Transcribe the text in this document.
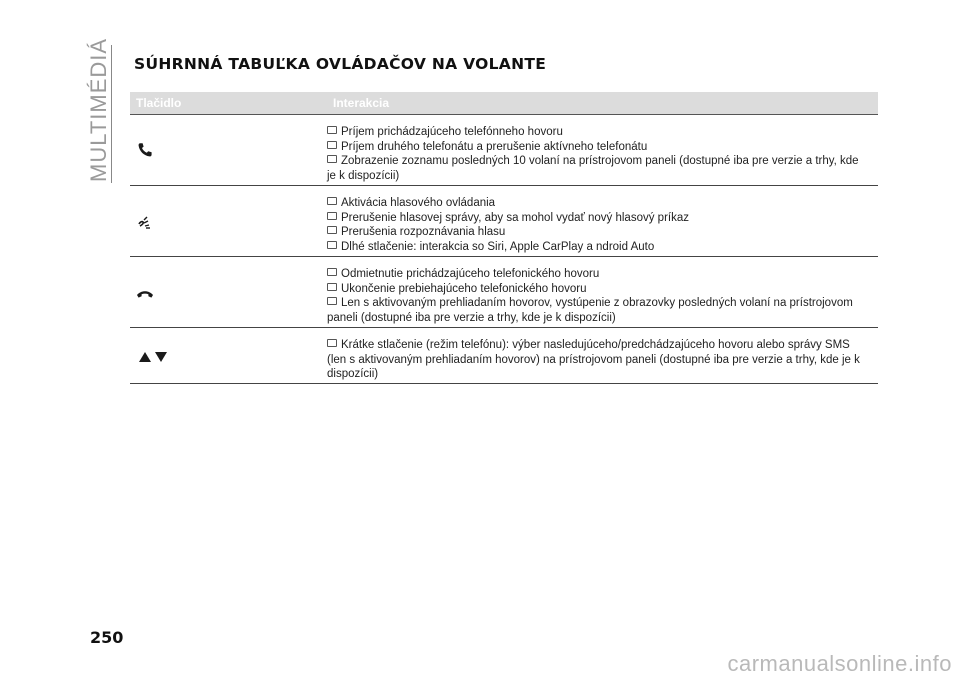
MULTIMÉDIÁ SÚHRNNÁ TABUĽKA OVLÁDAČOV NA VOLANTE
Tlačidlo	Interakcia
Príjem prichádzajúceho telefónneho hovoru
Príjem druhého telefonátu a prerušenie aktívneho telefonátu
Zobrazenie zoznamu posledných 10 volaní na prístrojovom paneli (dostupné iba pre verzie a trhy, kde je k dispozícii)
Aktivácia hlasového ovládania
Prerušenie hlasovej správy, aby sa mohol vydať nový hlasový príkaz
Prerušenia rozpoznávania hlasu
Dlhé stlačenie: interakcia so Siri, Apple CarPlay a ndroid Auto
Odmietnutie prichádzajúceho telefonického hovoru
Ukončenie prebiehajúceho telefonického hovoru
Len s aktivovaným prehliadaním hovorov, vystúpenie z obrazovky posledných volaní na prístrojovom paneli (dostupné iba pre verzie a trhy, kde je k dispozícii)
Krátke stlačenie (režim telefónu): výber nasledujúceho/predchádzajúceho hovoru alebo správy SMS (len s aktivovaným prehliadaním hovorov) na prístrojovom paneli (dostupné iba pre verzie a trhy, kde je k dispozícii)
250
carmanualsonline.info
